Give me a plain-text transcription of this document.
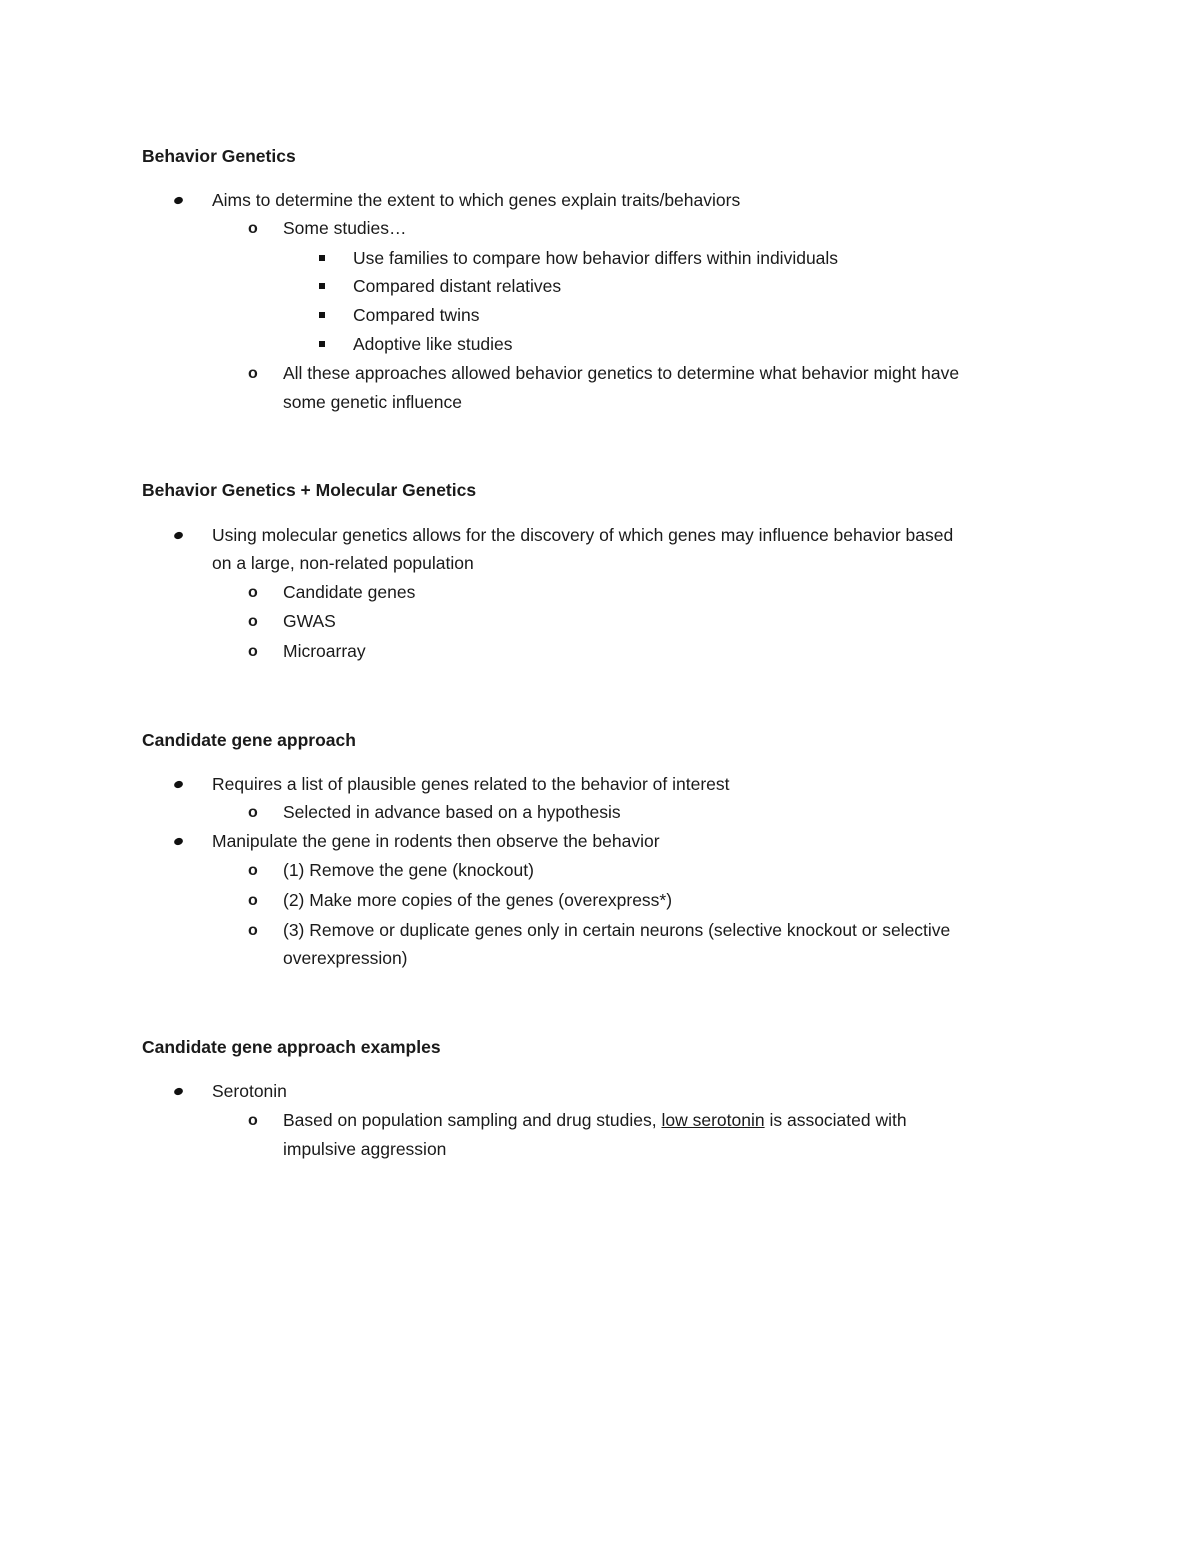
Behavior Genetics
Aims to determine the extent to which genes explain traits/behaviors
o Some studies…
Use families to compare how behavior differs within individuals
Compared distant relatives
Compared twins
Adoptive like studies
o All these approaches allowed behavior genetics to determine what behavior might have
some genetic influence
Behavior Genetics + Molecular Genetics
Using molecular genetics allows for the discovery of which genes may influence behavior based
on a large, non-related population
o Candidate genes
o GWAS
o Microarray
Candidate gene approach
Requires a list of plausible genes related to the behavior of interest
o Selected in advance based on a hypothesis
Manipulate the gene in rodents then observe the behavior
o (1) Remove the gene (knockout)
o (2) Make more copies of the genes (overexpress*)
o (3) Remove or duplicate genes only in certain neurons (selective knockout or selective
overexpression)
Candidate gene approach examples
Serotonin
o Based on population sampling and drug studies, low serotonin is associated with
impulsive aggression
